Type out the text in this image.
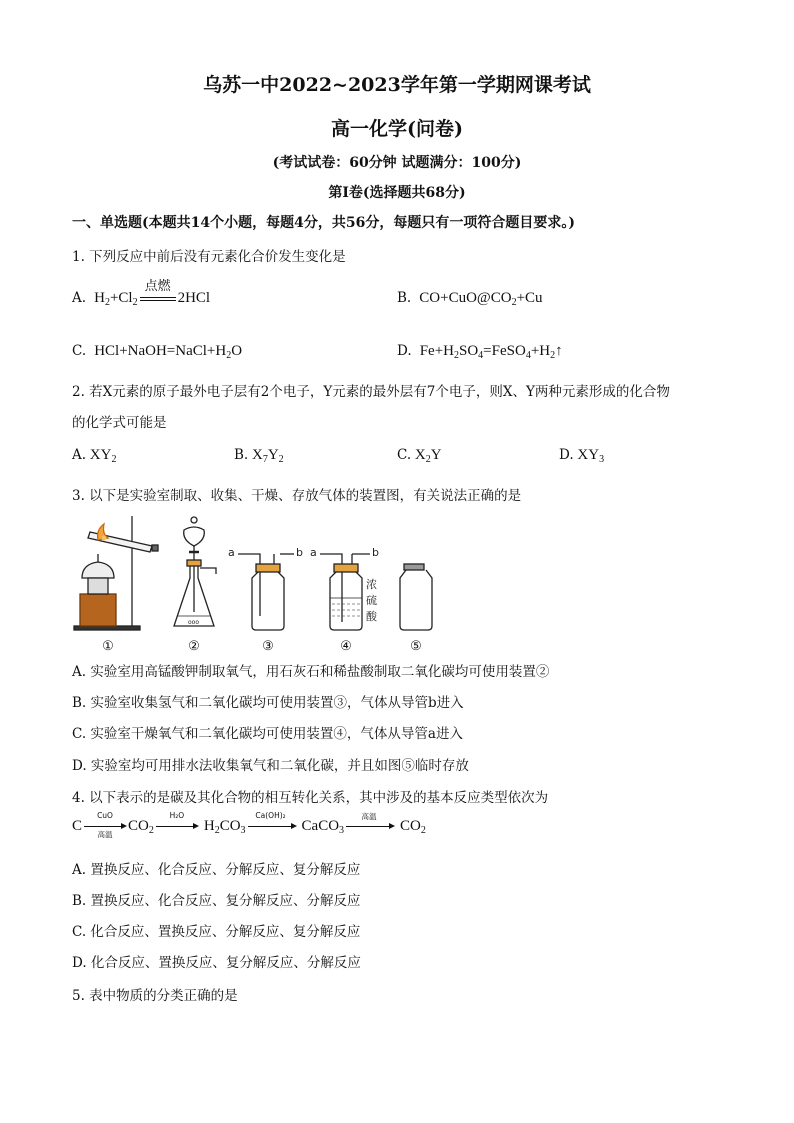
乌苏一中2022~2023学年第一学期网课考试
高一化学(问卷)
(考试试卷：60分钟 试题满分：100分)
第I卷(选择题共68分)
一、单选题(本题共14个小题，每题4分，共56分，每题只有一项符合题目要求。)
1. 下列反应中前后没有元素化合价发生变化是
A.  $H_2+Cl_2$
点燃
2HCl	B.  $CO+CuO@CO_2+Cu$
C.  $HCl+NaOH=NaCl+H_2O$	D.  $Fe+H_2SO_4=FeSO_4+H_2↑$
2. 若X元素的原子最外电子层有2个电子，Y元素的最外层有7个电子，则X、Y两种元素形成的化合物
的化学式可能是
A. $XY_2$	B. $X_7Y_2$	C. $X_2Y$	D. $XY_3$
3. 以下是实验室制取、收集、干燥、存放气体的装置图，有关说法正确的是
ooo
a	b a	b
浓
硫
酸
①	②	③	④	⑤
A. 实验室用高锰酸钾制取氧气，用石灰石和稀盐酸制取二氧化碳均可使用装置②
B. 实验室收集氢气和二氧化碳均可使用装置③，气体从导管b进入
C. 实验室干燥氧气和二氧化碳均可使用装置④，气体从导管a进入
D. 实验室均可用排水法收集氧气和二氧化碳，并且如图⑤临时存放
4. 以下表示的是碳及其化合物的相互转化关系，其中涉及的基本反应类型依次为
C
CuO
高温
$CO_2$
H₂O
$H_2CO_3$
Ca(OH)₂
CaCO$_3$
高温
$CO_2$
A. 置换反应、化合反应、分解反应、复分解反应
B. 置换反应、化合反应、复分解反应、分解反应
C. 化合反应、置换反应、分解反应、复分解反应
D. 化合反应、置换反应、复分解反应、分解反应
5. 表中物质的分类正确的是
